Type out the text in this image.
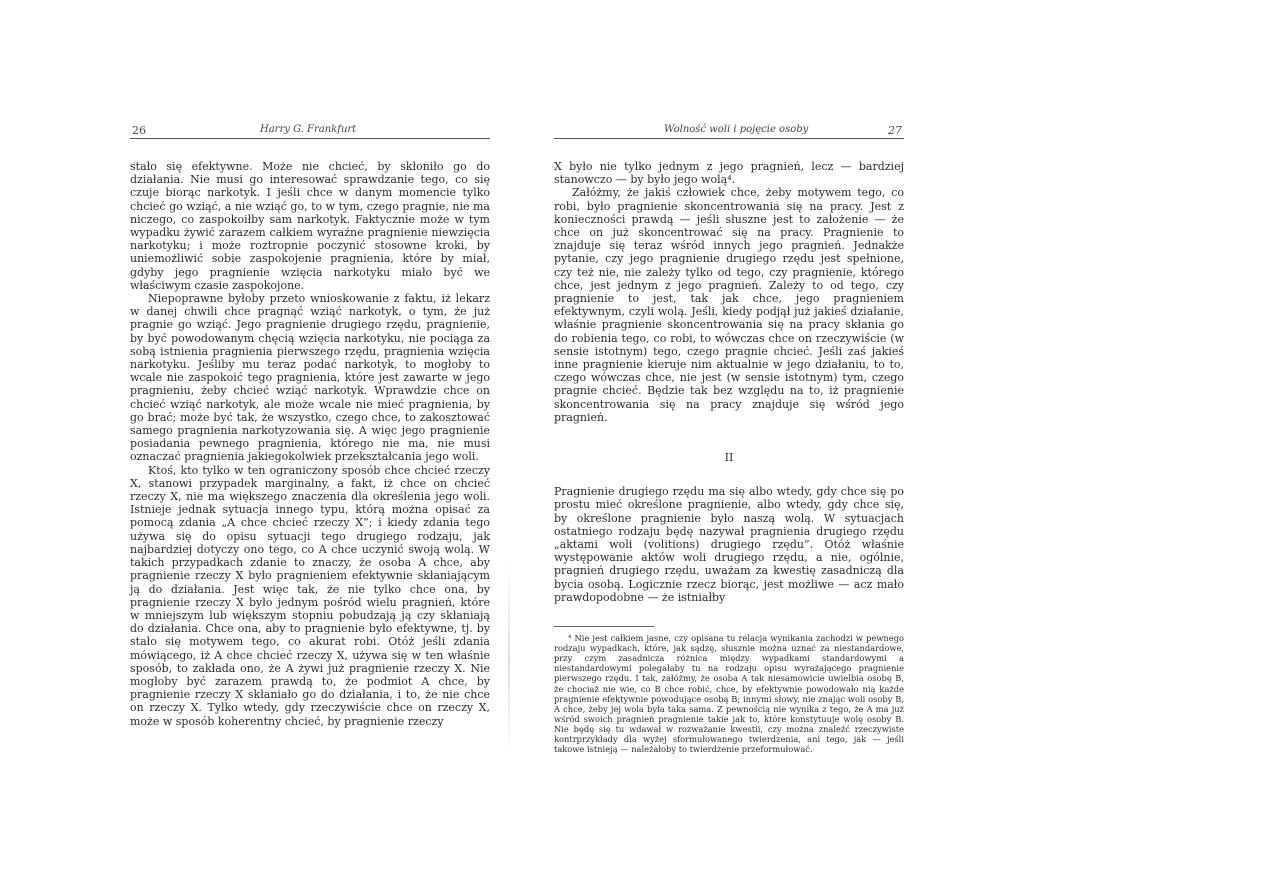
26	Harry G. Frankfurt

stało się efektywne. Może nie chcieć, by skłoniło go do działania. Nie musi go interesować sprawdzanie tego, co się czuje biorąc narkotyk. I jeśli chce w danym momencie tylko chcieć go wziąć, a nie wziąć go, to w tym, czego pragnie, nie ma niczego, co zaspokoiłby sam narkotyk. Faktycznie może w tym wypadku żywić zarazem całkiem wyraźne pragnienie niewzięcia narkotyku; i może roztropnie poczynić stosowne kroki, by uniemożliwić sobie zaspokojenie pragnienia, które by miał, gdyby jego pragnienie wzięcia narkotyku miało być we właściwym czasie zaspokojone.

Niepoprawne byłoby przeto wnioskowanie z faktu, iż lekarz w danej chwili chce pragnąć wziąć narkotyk, o tym, że już pragnie go wziąć. Jego pragnienie drugiego rzędu, pragnienie, by być powodowanym chęcią wzięcia narkotyku, nie pociąga za sobą istnienia pragnienia pierwszego rzędu, pragnienia wzięcia narkotyku. Jeśliby mu teraz podać narkotyk, to mogłoby to wcale nie zaspokoić tego pragnienia, które jest zawarte w jego pragnieniu, żeby chcieć wziąć narkotyk. Wprawdzie chce on chcieć wziąć narkotyk, ale może wcale nie mieć pragnienia, by go brać; może być tak, że wszystko, czego chce, to zakosztować samego pragnienia narkotyzowania się. A więc jego pragnienie posiadania pewnego pragnienia, którego nie ma, nie musi oznaczać pragnienia jakiegokolwiek przekształcania jego woli.

Ktoś, kto tylko w ten ograniczony sposób chce chcieć rzeczy X, stanowi przypadek marginalny, a fakt, iż chce on chcieć rzeczy X, nie ma większego znaczenia dla określenia jego woli. Istnieje jednak sytuacja innego typu, którą można opisać za pomocą zdania „A chce chcieć rzeczy X”; i kiedy zdania tego używa się do opisu sytuacji tego drugiego rodzaju, jak najbardziej dotyczy ono tego, co A chce uczynić swoją wolą. W takich przypadkach zdanie to znaczy, że osoba A chce, aby pragnienie rzeczy X było pragnieniem efektywnie skłaniającym ją do działania. Jest więc tak, że nie tylko chce ona, by pragnienie rzeczy X było jednym pośród wielu pragnień, które w mniejszym lub większym stopniu pobudzają ją czy skłaniają do działania. Chce ona, aby to pragnienie było efektywne, tj. by stało się motywem tego, co akurat robi. Otóż jeśli zdania mówiącego, iż A chce chcieć rzeczy X, używa się w ten właśnie sposób, to zakłada ono, że A żywi już pragnienie rzeczy X. Nie mogłoby być zarazem prawdą to, że podmiot A chce, by pragnienie rzeczy X skłaniało go do działania, i to, że nie chce on rzeczy X. Tylko wtedy, gdy rzeczywiście chce on rzeczy X, może w sposób koherentny chcieć, by pragnienie rzeczy

Wolność woli i pojęcie osoby	27

X było nie tylko jednym z jego pragnień, lecz — bardziej stanowczo — by było jego wolą⁴.

Załóżmy, że jakiś człowiek chce, żeby motywem tego, co robi, było pragnienie skoncentrowania się na pracy. Jest z konieczności prawdą — jeśli słuszne jest to założenie — że chce on już skoncentrować się na pracy. Pragnienie to znajduje się teraz wśród innych jego pragnień. Jednakże pytanie, czy jego pragnienie drugiego rzędu jest spełnione, czy też nie, nie zależy tylko od tego, czy pragnienie, którego chce, jest jednym z jego pragnień. Zależy to od tego, czy pragnienie to jest, tak jak chce, jego pragnieniem efektywnym, czyli wolą. Jeśli, kiedy podjął już jakieś działanie, właśnie pragnienie skoncentrowania się na pracy skłania go do robienia tego, co robi, to wówczas chce on rzeczywiście (w sensie istotnym) tego, czego pragnie chcieć. Jeśli zaś jakieś inne pragnienie kieruje nim aktualnie w jego działaniu, to to, czego wówczas chce, nie jest (w sensie istotnym) tym, czego pragnie chcieć. Będzie tak bez względu na to, iż pragnienie skoncentrowania się na pracy znajduje się wśród jego pragnień.

II

Pragnienie drugiego rzędu ma się albo wtedy, gdy chce się po prostu mieć określone pragnienie, albo wtedy, gdy chce się, by określone pragnienie było naszą wolą. W sytuacjach ostatniego rodzaju będę nazywał pragnienia drugiego rzędu „aktami woli (volitions) drugiego rzędu”. Otóż właśnie występowanie aktów woli drugiego rzędu, a nie, ogólnie, pragnień drugiego rzędu, uważam za kwestię zasadniczą dla bycia osobą. Logicznie rzecz biorąc, jest możliwe — acz mało prawdopodobne — że istniałby

⁴ Nie jest całkiem jasne, czy opisana tu relacja wynikania zachodzi w pewnego rodzaju wypadkach, które, jak sądzę, słusznie można uznać za niestandardowe, przy czym zasadnicza różnica między wypadkami standardowymi a niestandardowymi polegałaby tu na rodzaju opisu wyrażającego pragnienie pierwszego rzędu. I tak, załóżmy, że osoba A tak niesamowicie uwielbia osobę B, że chociaż nie wie, co B chce robić, chce, by efektywnie powodowało nią każde pragnienie efektywnie powodujące osobą B; innymi słowy, nie znając woli osoby B, A chce, żeby jej wola była taka sama. Z pewnością nie wynika z tego, że A ma już wśród swoich pragnień pragnienie takie jak to, które konstytuuje wolę osoby B. Nie będę się tu wdawał w rozważanie kwestii, czy można znaleźć rzeczywiste kontrprzykłady dla wyżej sformułowanego twierdzenia, ani tego, jak — jeśli takowe istnieją — należałoby to twierdzenie przeformułować.
